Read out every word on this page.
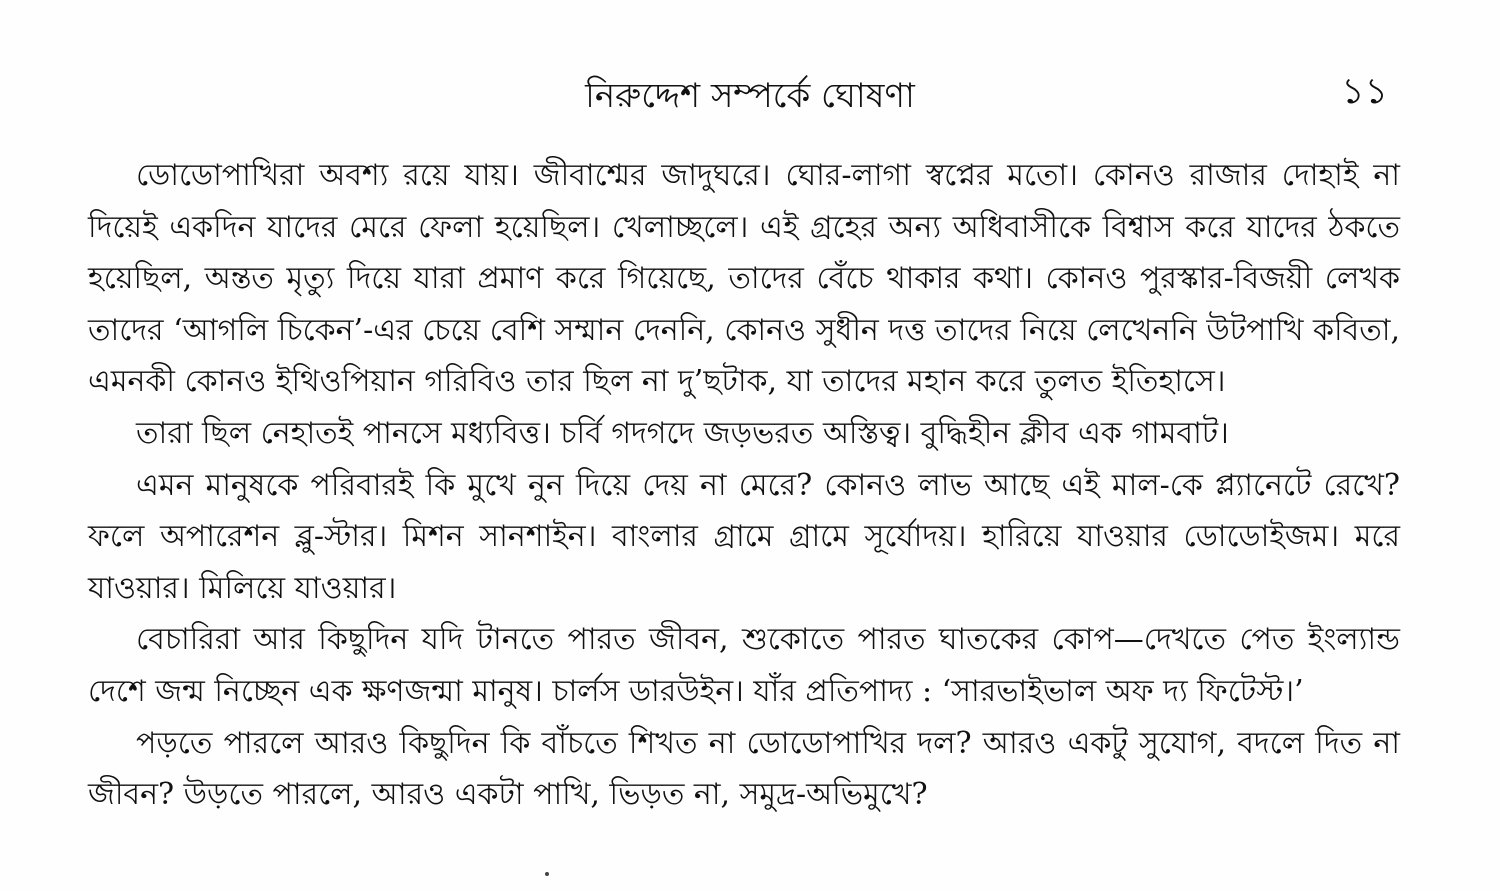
নিরুদ্দেশ সম্পর্কে ঘোষণা	১১
ডোডোপাখিরা অবশ্য রয়ে যায়। জীবাশ্মের জাদুঘরে। ঘোর-লাগা স্বপ্নের মতো। কোনও রাজার দোহাই না
দিয়েই একদিন যাদের মেরে ফেলা হয়েছিল। খেলাচ্ছলে। এই গ্রহের অন্য অধিবাসীকে বিশ্বাস করে যাদের ঠকতে
হয়েছিল, অন্তত মৃত্যু দিয়ে যারা প্রমাণ করে গিয়েছে, তাদের বেঁচে থাকার কথা। কোনও পুরস্কার-বিজয়ী লেখক
তাদের ‘আগলি চিকেন’-এর চেয়ে বেশি সম্মান দেননি, কোনও সুধীন দত্ত তাদের নিয়ে লেখেননি উটপাখি কবিতা,
এমনকী কোনও ইথিওপিয়ান গরিবিও তার ছিল না দু’ছটাক, যা তাদের মহান করে তুলত ইতিহাসে।
তারা ছিল নেহাতই পানসে মধ্যবিত্ত। চর্বি গদগদে জড়ভরত অস্তিত্ব। বুদ্ধিহীন ক্লীব এক গামবাট।
এমন মানুষকে পরিবারই কি মুখে নুন দিয়ে দেয় না মেরে? কোনও লাভ আছে এই মাল-কে প্ল্যানেটে রেখে?
ফলে অপারেশন ব্লু-স্টার। মিশন সানশাইন। বাংলার গ্রামে গ্রামে সূর্যোদয়। হারিয়ে যাওয়ার ডোডোইজম। মরে
যাওয়ার। মিলিয়ে যাওয়ার।
বেচারিরা আর কিছুদিন যদি টানতে পারত জীবন, শুকোতে পারত ঘাতকের কোপ—দেখতে পেত ইংল্যান্ড
দেশে জন্ম নিচ্ছেন এক ক্ষণজন্মা মানুষ। চার্লস ডারউইন। যাঁর প্রতিপাদ্য : ‘সারভাইভাল অফ দ্য ফিটেস্ট।’
পড়তে পারলে আরও কিছুদিন কি বাঁচতে শিখত না ডোডোপাখির দল? আরও একটু সুযোগ, বদলে দিত না
জীবন? উড়তে পারলে, আরও একটা পাখি, ভিড়ত না, সমুদ্র-অভিমুখে?
